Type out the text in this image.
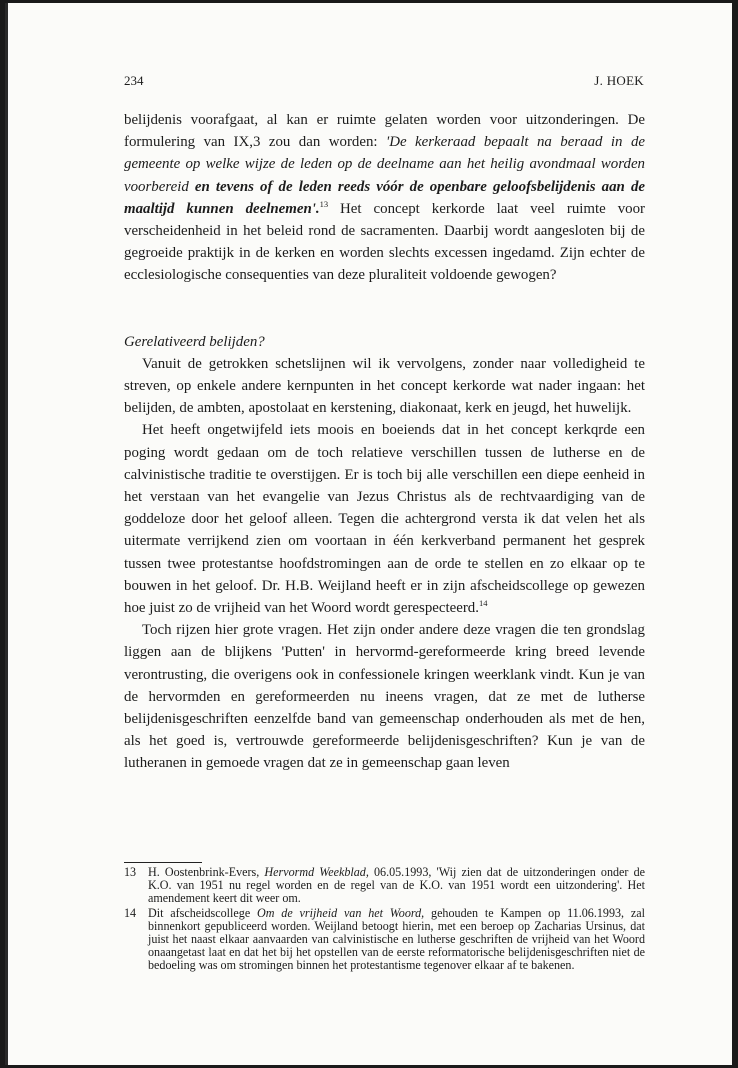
234	J. HOEK

belijdenis voorafgaat, al kan er ruimte gelaten worden voor uitzonderingen. De formulering van IX,3 zou dan worden: 'De kerkeraad bepaalt na beraad in de gemeente op welke wijze de leden op de deelname aan het heilig avondmaal worden voorbereid en tevens of de leden reeds vóór de openbare geloofsbelijdenis aan de maaltijd kunnen deelnemen'.$^{13}$ Het concept kerkorde laat veel ruimte voor verscheidenheid in het beleid rond de sacramenten. Daarbij wordt aangesloten bij de gegroeide praktijk in de kerken en worden slechts excessen ingedamd. Zijn echter de ecclesiologische consequenties van deze pluraliteit voldoende gewogen?

Gerelativeerd belijden?

Vanuit de getrokken schetslijnen wil ik vervolgens, zonder naar volledigheid te streven, op enkele andere kernpunten in het concept kerkorde wat nader ingaan: het belijden, de ambten, apostolaat en kerstening, diakonaat, kerk en jeugd, het huwelijk.

Het heeft ongetwijfeld iets moois en boeiends dat in het concept kerkqrde een poging wordt gedaan om de toch relatieve verschillen tussen de lutherse en de calvinistische traditie te overstijgen. Er is toch bij alle verschillen een diepe eenheid in het verstaan van het evangelie van Jezus Christus als de rechtvaardiging van de goddeloze door het geloof alleen. Tegen die achtergrond versta ik dat velen het als uitermate verrijkend zien om voortaan in één kerkverband permanent het gesprek tussen twee protestantse hoofdstromingen aan de orde te stellen en zo elkaar op te bouwen in het geloof. Dr. H.B. Weijland heeft er in zijn afscheidscollege op gewezen hoe juist zo de vrijheid van het Woord wordt gerespecteerd.$^{14}$

Toch rijzen hier grote vragen. Het zijn onder andere deze vragen die ten grondslag liggen aan de blijkens 'Putten' in hervormd-gereformeerde kring breed levende verontrusting, die overigens ook in confessionele kringen weerklank vindt. Kun je van de hervormden en gereformeerden nu ineens vragen, dat ze met de lutherse belijdenisgeschriften eenzelfde band van gemeenschap onderhouden als met de hen, als het goed is, vertrouwde gereformeerde belijdenisgeschriften? Kun je van de lutheranen in gemoede vragen dat ze in gemeenschap gaan leven

13 H. Oostenbrink-Evers, Hervormd Weekblad, 06.05.1993, 'Wij zien dat de uitzonderingen onder de K.O. van 1951 nu regel worden en de regel van de K.O. van 1951 wordt een uitzondering'. Het amendement keert dit weer om.
14 Dit afscheidscollege Om de vrijheid van het Woord, gehouden te Kampen op 11.06.1993, zal binnenkort gepubliceerd worden. Weijland betoogt hierin, met een beroep op Zacharias Ursinus, dat juist het naast elkaar aanvaarden van calvinistische en lutherse geschriften de vrijheid van het Woord onaangetast laat en dat het bij het opstellen van de eerste reformatorische belijdenisgeschriften niet de bedoeling was om stromingen binnen het protestantisme tegenover elkaar af te bakenen.
